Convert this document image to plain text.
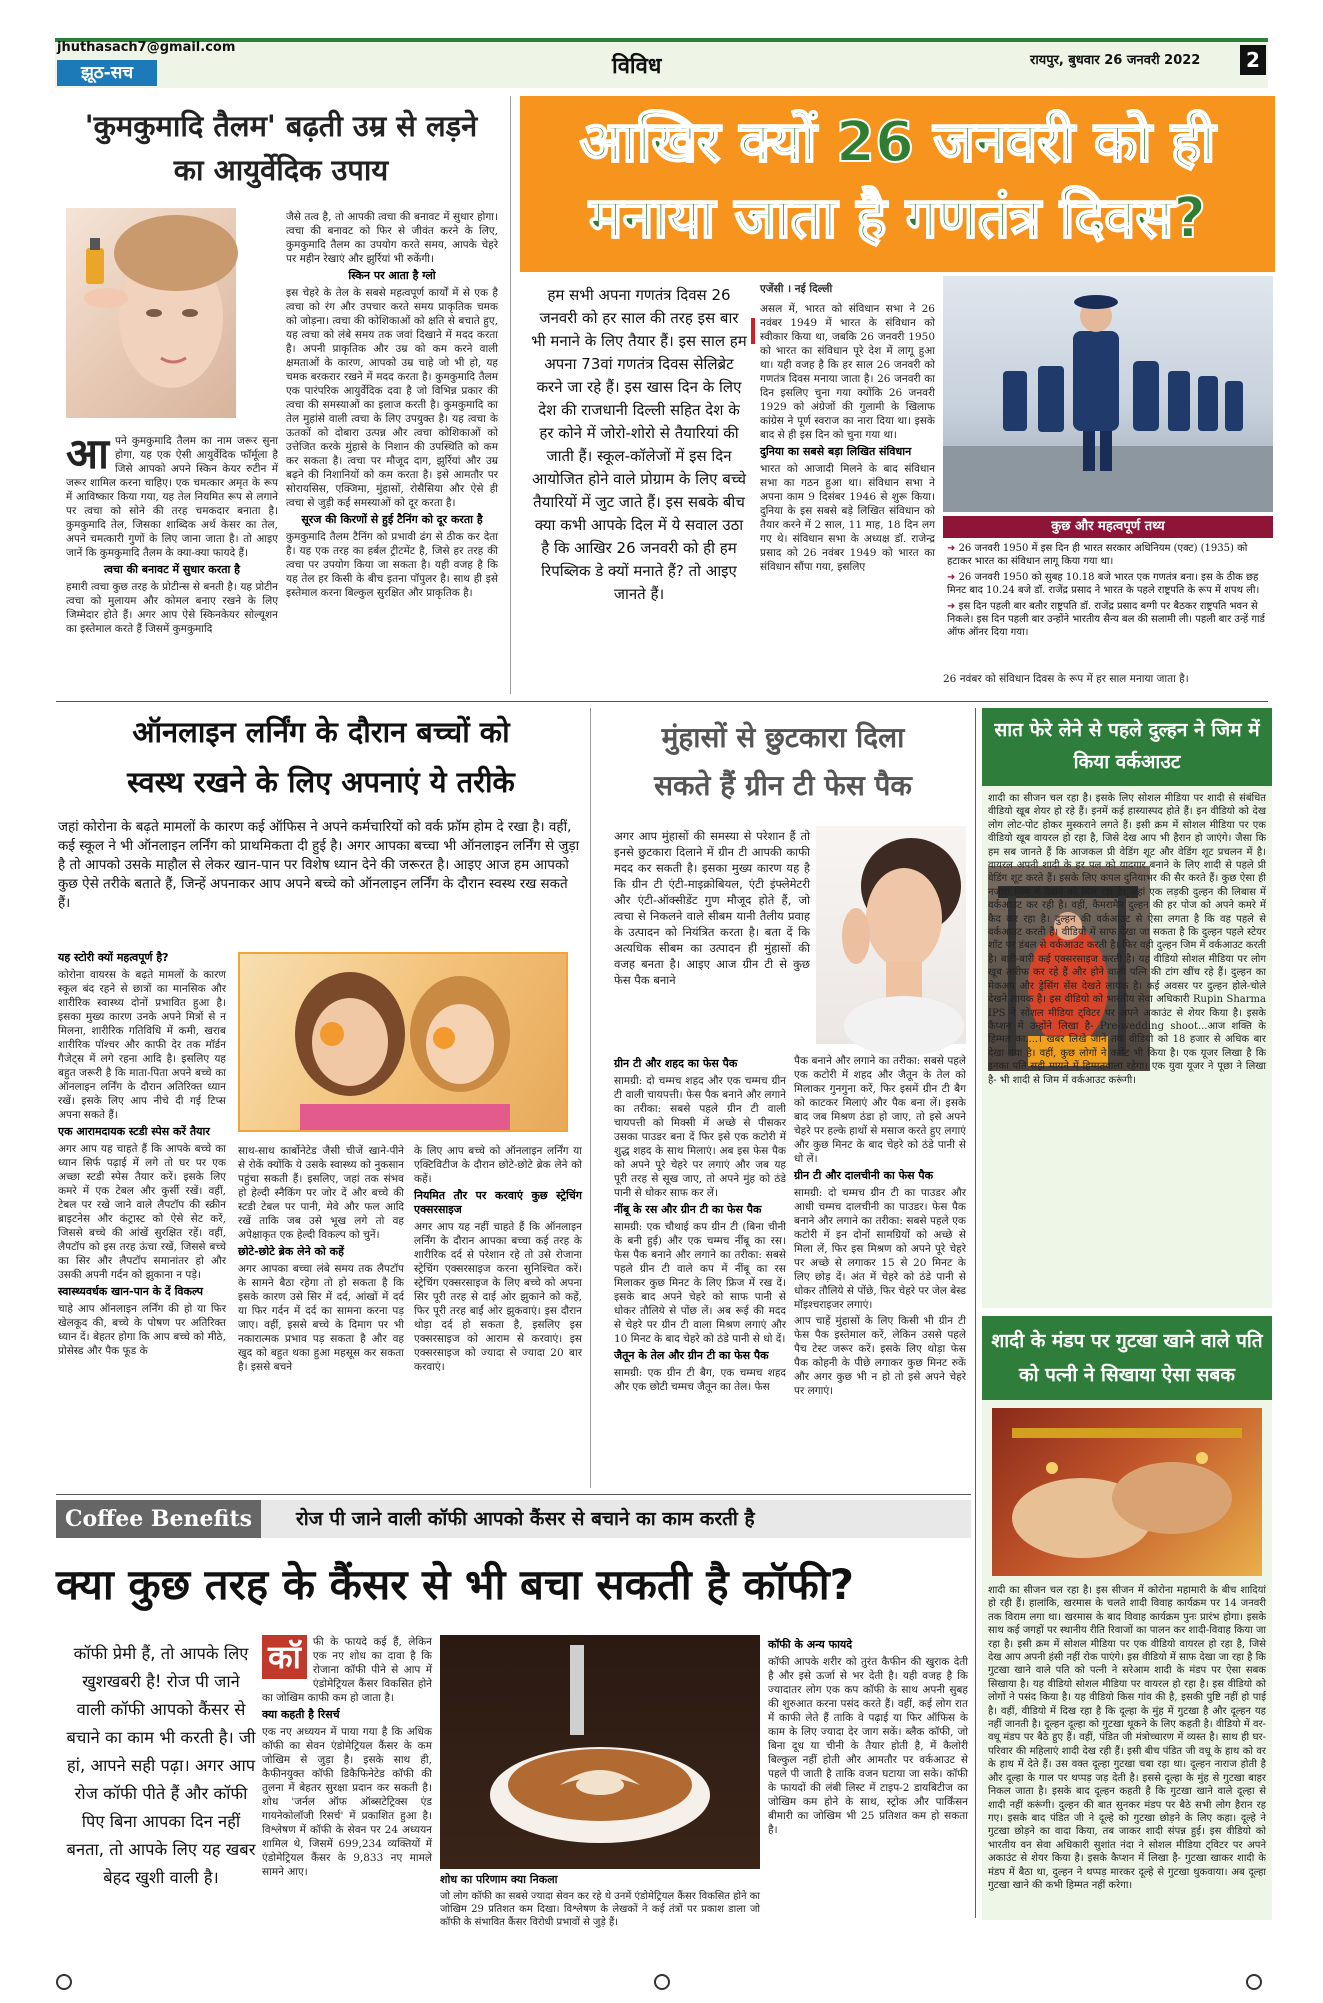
jhuthasach7@gmail.com
झूठ-सच	विविध	रायपुर, बुधवार 26 जनवरी 2022	2
'कुमकुमादि तैलम' बढ़ती उम्र से लड़ने का आयुर्वेदिक उपाय

जैसे तत्व है, तो आपकी त्वचा की बनावट में सुधार होगा। त्वचा की बनावट को फिर से जीवंत करने के लिए, कुमकुमादि तैलम का उपयोग करते समय, आपके चेहरे पर महीन रेखाएं और झुर्रियां भी रुकेंगी।

स्किन पर आता है ग्लो

इस चेहरे के तेल के सबसे महत्वपूर्ण कार्यों में से एक है त्वचा को रंग और उपचार करते समय प्राकृतिक चमक को जोड़ना। त्वचा की कोशिकाओं को क्षति से बचाते हुए, यह त्वचा को लंबे समय तक जवां दिखाने में मदद करता है। अपनी प्राकृतिक और उम्र को कम करने वाली क्षमताओं के कारण, आपको उम्र चाहे जो भी हो, यह चमक बरकरार रखने में मदद करता है। कुमकुमादि तैलम एक पारंपरिक आयुर्वेदिक दवा है जो विभिन्न प्रकार की त्वचा की समस्याओं का इलाज करती है। कुमकुमादि का तेल मुहांसे वाली त्वचा के लिए उपयुक्त है। यह त्वचा के ऊतकों को दोबारा उत्पन्न और त्वचा कोशिकाओं को उत्तेजित करके मुंहासे के निशान की उपस्थिति को कम कर सकता है। त्वचा पर मौजूद दाग, झुर्रियां और उम्र बढ़ने की निशानियों को कम करता है। इसे आमतौर पर सोरायसिस, एक्जिमा, मुंहासों, रोसैसिया और ऐसे ही त्वचा से जुड़ी कई समस्याओं को दूर करता है।

सूरज की किरणों से हुई टैनिंग को दूर करता है

कुमकुमादि तैलम टैनिंग को प्रभावी ढंग से ठीक कर देता है। यह एक तरह का हर्बल ट्रीटमेंट है, जिसे हर तरह की त्वचा पर उपयोग किया जा सकता है। यही वजह है कि यह तेल हर किसी के बीच इतना पॉपुलर है। साथ ही इसे इस्तेमाल करना बिल्कुल सुरक्षित और प्राकृतिक है।

आ पने कुमकुमादि तैलम का नाम जरूर सुना होगा, यह एक ऐसी आयुर्वेदिक फॉर्मूला है जिसे आपको अपने स्किन केयर रुटीन में जरूर शामिल करना चाहिए। एक चमत्कार अमृत के रूप में आविष्कार किया गया, यह तेल नियमित रूप से लगाने पर त्वचा को सोने की तरह चमकदार बनाता है। कुमकुमादि तेल, जिसका शाब्दिक अर्थ केसर का तेल, अपने चमत्कारी गुणों के लिए जाना जाता है। तो आइए जानें कि कुमकुमादि तैलम के क्या-क्या फायदे हैं।

त्वचा की बनावट में सुधार करता है

हमारी त्वचा कुछ तरह के प्रोटीन्स से बनती है। यह प्रोटीन त्वचा को मुलायम और कोमल बनाए रखने के लिए जिम्मेदार होते हैं। अगर आप ऐसे स्किनकेयर सोल्यूशन का इस्तेमाल करते हैं जिसमें कुमकुमादि

आखिर क्यों 26 जनवरी को ही
मनाया जाता है गणतंत्र दिवस?
हम सभी अपना गणतंत्र दिवस 26 जनवरी को हर साल की तरह इस बार भी मनाने के लिए तैयार हैं। इस साल हम अपना 73वां गणतंत्र दिवस सेलिब्रेट करने जा रहे हैं। इस खास दिन के लिए देश की राजधानी दिल्ली सहित देश के हर कोने में जोरो-शोरो से तैयारियां की जाती हैं। स्कूल-कॉलेजों में इस दिन आयोजित होने वाले प्रोग्राम के लिए बच्चे तैयारियों में जुट जाते हैं। इस सबके बीच क्या कभी आपके दिल में ये सवाल उठा है कि आखिर 26 जनवरी को ही हम रिपब्लिक डे क्यों मनाते हैं? तो आइए जानते हैं।

एजेंसी । नई दिल्ली

असल में, भारत को संविधान सभा ने 26 नवंबर 1949 में भारत के संविधान को स्वीकार किया था, जबकि 26 जनवरी 1950 को भारत का संविधान पूरे देश में लागू हुआ था। यही वजह है कि हर साल 26 जनवरी को गणतंत्र दिवस मनाया जाता है। 26 जनवरी का दिन इसलिए चुना गया क्योंकि 26 जनवरी 1929 को अंग्रेजों की गुलामी के खिलाफ कांग्रेस ने पूर्ण स्वराज का नारा दिया था। इसके बाद से ही इस दिन को चुना गया था।

दुनिया का सबसे बड़ा लिखित संविधान

भारत को आजादी मिलने के बाद संविधान सभा का गठन हुआ था। संविधान सभा ने अपना काम 9 दिसंबर 1946 से शुरू किया। दुनिया के इस सबसे बड़े लिखित संविधान को तैयार करने में 2 साल, 11 माह, 18 दिन लग गए थे। संविधान सभा के अध्यक्ष डॉ. राजेन्द्र प्रसाद को 26 नवंबर 1949 को भारत का संविधान सौंपा गया, इसलिए

कुछ और महत्वपूर्ण तथ्य
➜ 26 जनवरी 1950 में इस दिन ही भारत सरकार अधिनियम (एक्ट) (1935) को हटाकर भारत का संविधान लागू किया गया था।
➜ 26 जनवरी 1950 को सुबह 10.18 बजे भारत एक गणतंत्र बना। इस के ठीक छह मिनट बाद 10.24 बजे डॉ. राजेंद्र प्रसाद ने भारत के पहले राष्ट्रपति के रूप में शपथ ली।
➜ इस दिन पहली बार बतौर राष्ट्रपति डॉ. राजेंद्र प्रसाद बग्गी पर बैठकर राष्ट्रपति भवन से निकले। इस दिन पहली बार उन्होंने भारतीय सैन्य बल की सलामी ली। पहली बार उन्हें गार्ड ऑफ ऑनर दिया गया।
26 नवंबर को संविधान दिवस के रूप में हर साल मनाया जाता है।
ऑनलाइन लर्निंग के दौरान बच्चों को
स्वस्थ रखने के लिए अपनाएं ये तरीके
जहां कोरोना के बढ़ते मामलों के कारण कई ऑफिस ने अपने कर्मचारियों को वर्क फ्रॉम होम दे रखा है। वहीं, कई स्कूल ने भी ऑनलाइन लर्निंग को प्राथमिकता दी हुई है। अगर आपका बच्चा भी ऑनलाइन लर्निंग से जुड़ा है तो आपको उसके माहौल से लेकर खान-पान पर विशेष ध्यान देने की जरूरत है। आइए आज हम आपको कुछ ऐसे तरीके बताते हैं, जिन्हें अपनाकर आप अपने बच्चे को ऑनलाइन लर्निंग के दौरान स्वस्थ रख सकते हैं।
यह स्टोरी क्यों महत्वपूर्ण है?

कोरोना वायरस के बढ़ते मामलों के कारण स्कूल बंद रहने से छात्रों का मानसिक और शारीरिक स्वास्थ्य दोनों प्रभावित हुआ है। इसका मुख्य कारण उनके अपने मित्रों से न मिलना, शारीरिक गतिविधि में कमी, खराब शारीरिक पॉश्चर और काफी देर तक मॉर्डन गैजेट्स में लगे रहना आदि है। इसलिए यह बहुत जरूरी है कि माता-पिता अपने बच्चे का ऑनलाइन लर्निंग के दौरान अतिरिक्त ध्यान रखें। इसके लिए आप नीचे दी गई टिप्स अपना सकते हैं।

एक आरामदायक स्टडी स्पेस करें तैयार

अगर आप यह चाहते हैं कि आपके बच्चे का ध्यान सिर्फ पढ़ाई में लगे तो घर पर एक अच्छा स्टडी स्पेस तैयार करें। इसके लिए कमरे में एक टेबल और कुर्सी रखें। वहीं, टेबल पर रखे जाने वाले लैपटॉप की स्क्रीन ब्राइटनेस और कंट्रास्ट को ऐसे सेट करें, जिससे बच्चे की आंखें सुरक्षित रहें। वहीं, लैपटॉप को इस तरह ऊंचा रखें, जिससे बच्चे का सिर और लैपटॉप समानांतर हो और उसकी अपनी गर्दन को झुकाना न पड़े।

स्वास्थ्यवर्धक खान-पान के दें विकल्प

चाहे आप ऑनलाइन लर्निंग की हो या फिर खेलकूद की, बच्चे के पोषण पर अतिरिक्त ध्यान दें। बेहतर होगा कि आप बच्चे को मीठे, प्रोसेस्ड और पैक फूड के

साथ-साथ कार्बोनेटेड जैसी चीजें खाने-पीने से रोकें क्योंकि ये उसके स्वास्थ्य को नुकसान पहुंचा सकती हैं। इसलिए, जहां तक संभव हो हेल्दी स्नैकिंग पर जोर दें और बच्चे की स्टडी टेबल पर पानी, मेवे और फल आदि रखें ताकि जब उसे भूख लगे तो वह अपेक्षाकृत एक हेल्दी विकल्प को चुनें।

छोटे-छोटे ब्रेक लेने को कहें

अगर आपका बच्चा लंबे समय तक लैपटॉप के सामने बैठा रहेगा तो हो सकता है कि इसके कारण उसे सिर में दर्द, आंखों में दर्द या फिर गर्दन में दर्द का सामना करना पड़ जाए। वहीं, इससे बच्चे के दिमाग पर भी नकारात्मक प्रभाव पड़ सकता है और वह खुद को बहुत थका हुआ महसूस कर सकता है। इससे बचने

के लिए आप बच्चे को ऑनलाइन लर्निंग या एक्टिविटीज के दौरान छोटे-छोटे ब्रेक लेने को कहें।

नियमित तौर पर करवाएं कुछ स्ट्रेचिंग एक्सरसाइज

अगर आप यह नहीं चाहते हैं कि ऑनलाइन लर्निंग के दौरान आपका बच्चा कई तरह के शारीरिक दर्द से परेशान रहे तो उसे रोजाना स्ट्रेचिंग एक्सरसाइज करना सुनिश्चित करें। स्ट्रेचिंग एक्सरसाइज के लिए बच्चे को अपना सिर पूरी तरह से दाई ओर झुकाने को कहें, फिर पूरी तरह बाईं ओर झुकवाएं। इस दौरान थोड़ा दर्द हो सकता है, इसलिए इस एक्सरसाइज को आराम से करवाएं। इस एक्सरसाइज को ज्यादा से ज्यादा 20 बार करवाएं।

मुंहासों से छुटकारा दिला
सकते हैं ग्रीन टी फेस पैक
अगर आप मुंहासों की समस्या से परेशान हैं तो इनसे छुटकारा दिलाने में ग्रीन टी आपकी काफी मदद कर सकती है। इसका मुख्य कारण यह है कि ग्रीन टी एंटी-माइक्रोबियल, एंटी इंफ्लेमेटरी और एंटी-ऑक्सीडेंट गुण मौजूद होते हैं, जो त्वचा से निकलने वाले सीबम यानी तैलीय प्रवाह के उत्पादन को नियंत्रित करता है। बता दें कि अत्यधिक सीबम का उत्पादन ही मुंहासों की वजह बनता है। आइए आज ग्रीन टी से कुछ फेस पैक बनाने
ग्रीन टी और शहद का फेस पैक

सामग्री: दो चम्मच शहद और एक चम्मच ग्रीन टी वाली चायपत्ती। फेस पैक बनाने और लगाने का तरीका: सबसे पहले ग्रीन टी वाली चायपत्ती को मिक्सी में अच्छे से पीसकर उसका पाउडर बना दें फिर इसे एक कटोरी में शुद्ध शहद के साथ मिलाएं। अब इस फेस पैक को अपने पूरे चेहरे पर लगाएं और जब यह पूरी तरह से सूख जाए, तो अपने मुंह को ठंडे पानी से धोकर साफ कर लें।

नींबू के रस और ग्रीन टी का फेस पैक

सामग्री: एक चौथाई कप ग्रीन टी (बिना चीनी के बनी हुई) और एक चम्मच नींबू का रस। फेस पैक बनाने और लगाने का तरीका: सबसे पहले ग्रीन टी वाले कप में नींबू का रस मिलाकर कुछ मिनट के लिए फ्रिज में रख दें। इसके बाद अपने चेहरे को साफ पानी से धोकर तौलिये से पोंछ लें। अब रूई की मदद से चेहरे पर ग्रीन टी वाला मिश्रण लगाएं और 10 मिनट के बाद चेहरे को ठंडे पानी से धो दें।

जैतून के तेल और ग्रीन टी का फेस पैक

सामग्री: एक ग्रीन टी बैग, एक चम्मच शहद और एक छोटी चम्मच जैतून का तेल। फेस

पैक बनाने और लगाने का तरीका: सबसे पहले एक कटोरी में शहद और जैतून के तेल को मिलाकर गुनगुना करें, फिर इसमें ग्रीन टी बैग को काटकर मिलाएं और पैक बना लें। इसके बाद जब मिश्रण ठंडा हो जाए, तो इसे अपने चेहरे पर हल्के हाथों से मसाज करते हुए लगाएं और कुछ मिनट के बाद चेहरे को ठंडे पानी से धो लें।

ग्रीन टी और दालचीनी का फेस पैक

सामग्री: दो चम्मच ग्रीन टी का पाउडर और आधी चम्मच दालचीनी का पाउडर। फेस पैक बनाने और लगाने का तरीका: सबसे पहले एक कटोरी में इन दोनों सामग्रियों को अच्छे से मिला लें, फिर इस मिश्रण को अपने पूरे चेहरे पर अच्छे से लगाकर 15 से 20 मिनट के लिए छोड़ दें। अंत में चेहरे को ठंडे पानी से धोकर तौलिये से पोंछे, फिर चेहरे पर जेल बेस्ड मॉइश्चराइजर लगाएं।

आप चाहें मुंहासों के लिए किसी भी ग्रीन टी फेस पैक इस्तेमाल करें, लेकिन उससे पहले पैच टेस्ट जरूर करें। इसके लिए थोड़ा फेस पैक कोहनी के पीछे लगाकर कुछ मिनट रुकें और अगर कुछ भी न हो तो इसे अपने चेहरे पर लगाएं।

सात फेरे लेने से पहले दुल्हन ने जिम में किया वर्कआउट
शादी का सीजन चल रहा है। इसके लिए सोशल मीडिया पर शादी से संबंधित वीडियो खूब शेयर हो रहे हैं। इनमें कई हास्यास्पद होते हैं। इन वीडियो को देख लोग लोट-पोट होकर मुस्कराने लगते हैं। इसी क्रम में सोशल मीडिया पर एक वीडियो खूब वायरल हो रहा है, जिसे देख आप भी हैरान हो जाएंगे। जैसा कि हम सब जानते हैं कि आजकल प्री वेडिंग शूट और वेडिंग शूट प्रचलन में है। वायरल अपनी शादी के हर पल को यादगार बनाने के लिए शादी से पहले प्री वेडिंग शूट करते हैं। इसके लिए कपल दुनियाभर की सैर करते हैं। कुछ ऐसा ही नजारा जिम में देखने को मिल रहा है। जहां एक लड़की दुल्हन की लिबास में वर्कआउट कर रही है। वहीं, कैमरामैन दुल्हन की हर पोज को अपने कमरे में कैद कर रहा है। दुल्हन की वर्कआउट से ऐसा लगता है कि वह पहले से वर्कआउट करती है। वीडियो में साफ देखा जा सकता है कि दुल्हन पहले स्टेयर शॉट पर डंबल से वर्कआउट करती है। फिर वही दुल्हन जिम में वर्कआउट करती है। बारी-बारी कई एक्सरसाइज करती है। यह वीडियो सोशल मीडिया पर लोग खूब तारीफ कर रहे हैं और होने वाली पत्नि की टांग खींच रहे हैं। दुल्हन का मेकअप और ड्रेसिंग सेंस देखते लायक है। कई अवसर पर दुल्हन होले-चोले देखने लायक है। इस वीडियो को भारतीय सेवा अधिकारी Rupin Sharma IPS ने सोशल मीडिया ट्विटर पर अपने अकाउंट से शेयर किया है। इसके कैप्शन में उन्होंने लिखा है- Pre-wedding shoot...आज शक्ति के हिम्मत का....। खबर लिखे जाने तक वीडियो को 18 हजार से अधिक बार देखा गया है। वहीं, कुछ लोगों ने कमेंट भी किया है। एक यूजर लिखा है कि इनका पति सही मायने में हिम्मतवाला रहेगा। एक युवा यूजर ने पूछा ने लिखा है- भी शादी से जिम में वर्कआउट करूंगी।
शादी के मंडप पर गुटखा खाने वाले पति को पत्नी ने सिखाया ऐसा सबक
शादी का सीजन चल रहा है। इस सीजन में कोरोना महामारी के बीच शादियां हो रही हैं। हालांकि, खरमास के चलते शादी विवाह कार्यक्रम पर 14 जनवरी तक विराम लगा था। खरमास के बाद विवाह कार्यक्रम पुनः प्रारंभ होगा। इसके साथ कई जगहों पर स्थानीय रीति रिवाजों का पालन कर शादी-विवाह किया जा रहा है। इसी क्रम में सोशल मीडिया पर एक वीडियो वायरल हो रहा है, जिसे देख आप अपनी हंसी नहीं रोक पाएंगे। इस वीडियो में साफ देखा जा रहा है कि गुटखा खाने वाले पति को पत्नी ने सरेआम शादी के मंडप पर ऐसा सबक सिखाया है। यह वीडियो सोशल मीडिया पर वायरल हो रहा है। इस वीडियो को लोगों ने पसंद किया है। यह वीडियो किस गांव की है, इसकी पुष्टि नहीं हो पाई है। वहीं, वीडियो में दिख रहा है कि दूल्हा के मुंह में गुटखा है और दूल्हन यह नहीं जानती है। दूल्हन दूल्हा को गुटखा थूकने के लिए कहती है। वीडियो में वर-वधू मंडप पर बैठे हुए हैं। वहीं, पंडित जी मंत्रोच्चारण में व्यस्त है। साथ ही घर-परिवार की महिलाएं शादी देख रही हैं। इसी बीच पंडित जी वधू के हाथ को वर के हाथ में देते हैं। उस वक्त दूल्हा गुटखा चबा रहा था। दूल्हन नाराज होती है और दूल्हा के गाल पर थप्पड़ जड़ देती है। इससे दूल्हा के मुंह से गुटखा बाहर निकल जाता है। इसके बाद दूल्हन कहती है कि गुटखा खाने वाले दूल्हा से शादी नहीं करूंगी। दुल्हन की बात सुनकर मंडप पर बैठे सभी लोग हैरान रह गए। इसके बाद पंडित जी ने दूल्हे को गुटखा छोड़ने के लिए कहा। दूल्हे ने गुटखा छोड़ने का वादा किया, तब जाकर शादी संपन्न हुई। इस वीडियो को भारतीय वन सेवा अधिकारी सुशांत नंदा ने सोशल मीडिया ट्विटर पर अपने अकाउंट से शेयर किया है। इसके कैप्शन में लिखा है- गुटखा खाकर शादी के मंडप में बैठा था, दुल्हन ने थप्पड़ मारकर दूल्हे से गुटखा थुकवाया। अब दूल्हा गुटखा खाने की कभी हिम्मत नहीं करेगा।
Coffee Benefits	रोज पी जाने वाली कॉफी आपको कैंसर से बचाने का काम करती है
क्या कुछ तरह के कैंसर से भी बचा सकती है कॉफी?
कॉफी प्रेमी हैं, तो आपके लिए खुशखबरी है! रोज पी जाने वाली कॉफी आपको कैंसर से बचाने का काम भी करती है। जी हां, आपने सही पढ़ा। अगर आप रोज कॉफी पीते हैं और कॉफी पिए बिना आपका दिन नहीं बनता, तो आपके लिए यह खबर बेहद खुशी वाली है।
कॉ	फी के फायदे कई हैं, लेकिन एक नए शोध का दावा है कि रोजाना कॉफी पीने से आप में एंडोमेट्रियल कैंसर विकसित होने का जोखिम काफी कम हो जाता है।

क्या कहती है रिसर्च

एक नए अध्ययन में पाया गया है कि अधिक कॉफी का सेवन एंडोमेट्रियल कैंसर के कम जोखिम से जुड़ा है। इसके साथ ही, कैफीनयुक्त कॉफी डिकैफिनेटेड कॉफी की तुलना में बेहतर सुरक्षा प्रदान कर सकती है। शोध 'जर्नल ऑफ ऑब्सटेट्रिक्स एंड गायनेकोलॉजी रिसर्च' में प्रकाशित हुआ है। विश्लेषण में कॉफी के सेवन पर 24 अध्ययन शामिल थे, जिसमें 699,234 व्यक्तियों में एंडोमेट्रियल कैंसर के 9,833 नए मामले सामने आए।

शोध का परिणाम क्या निकला
जो लोग कॉफी का सबसे ज्यादा सेवन कर रहे थे उनमें एंडोमेट्रियल कैंसर विकसित होने का जोखिम 29 प्रतिशत कम दिखा। विश्लेषण के लेखकों ने कई तंत्रों पर प्रकाश डाला जो कॉफी के संभावित कैंसर विरोधी प्रभावों से जुड़े हैं।
कॉफी के अन्य फायदे

कॉफी आपके शरीर को तुरंत कैफीन की खुराक देती है और इसे ऊर्जा से भर देती है। यही वजह है कि ज्यादातर लोग एक कप कॉफी के साथ अपनी सुबह की शुरुआत करना पसंद करते हैं। वहीं, कई लोग रात में काफी लेते हैं ताकि वे पढ़ाई या फिर ऑफिस के काम के लिए ज्यादा देर जाग सकें। ब्लैक कॉफी, जो बिना दूध या चीनी के तैयार होती है, में कैलोरी बिल्कुल नहीं होती और आमतौर पर वर्कआउट से पहले पी जाती है ताकि वजन घटाया जा सके। कॉफी के फायदों की लंबी लिस्ट में टाइप-2 डायबिटीज का जोखिम कम होने के साथ, स्ट्रोक और पार्किंसन बीमारी का जोखिम भी 25 प्रतिशत कम हो सकता है।
